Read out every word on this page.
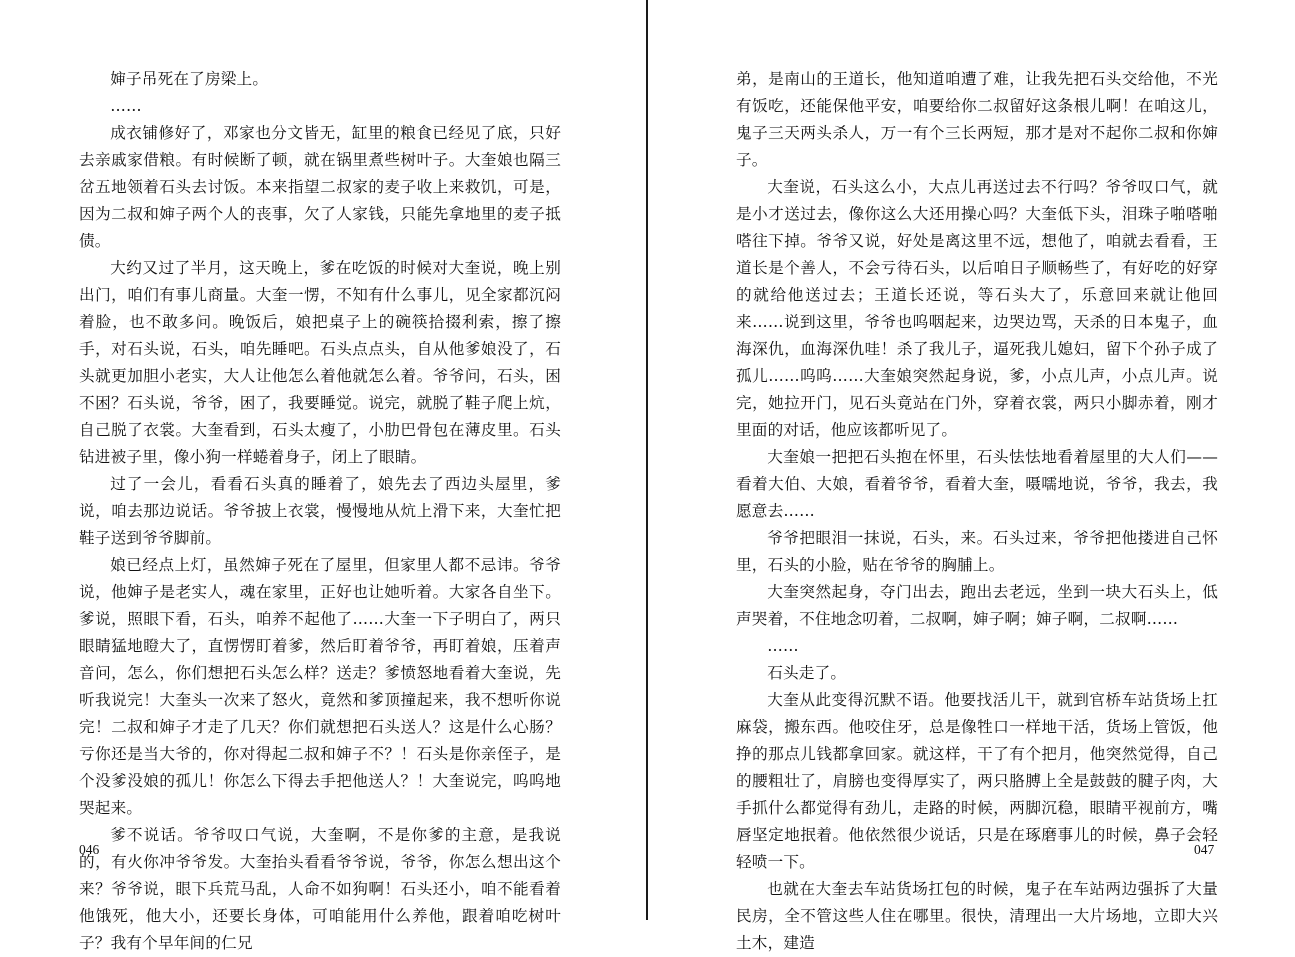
婶子吊死在了房梁上。

……

成衣铺修好了，邓家也分文皆无，缸里的粮食已经见了底，只好去亲戚家借粮。有时候断了顿，就在锅里煮些树叶子。大奎娘也隔三岔五地领着石头去讨饭。本来指望二叔家的麦子收上来救饥，可是，因为二叔和婶子两个人的丧事，欠了人家钱，只能先拿地里的麦子抵债。

大约又过了半月，这天晚上，爹在吃饭的时候对大奎说，晚上别出门，咱们有事儿商量。大奎一愣，不知有什么事儿，见全家都沉闷着脸，也不敢多问。晚饭后，娘把桌子上的碗筷拾掇利索，擦了擦手，对石头说，石头，咱先睡吧。石头点点头，自从他爹娘没了，石头就更加胆小老实，大人让他怎么着他就怎么着。爷爷问，石头，困不困？石头说，爷爷，困了，我要睡觉。说完，就脱了鞋子爬上炕，自己脱了衣裳。大奎看到，石头太瘦了，小肋巴骨包在薄皮里。石头钻进被子里，像小狗一样蜷着身子，闭上了眼睛。

过了一会儿，看看石头真的睡着了，娘先去了西边头屋里，爹说，咱去那边说话。爷爷披上衣裳，慢慢地从炕上滑下来，大奎忙把鞋子送到爷爷脚前。

娘已经点上灯，虽然婶子死在了屋里，但家里人都不忌讳。爷爷说，他婶子是老实人，魂在家里，正好也让她听着。大家各自坐下。爹说，照眼下看，石头，咱养不起他了……大奎一下子明白了，两只眼睛猛地瞪大了，直愣愣盯着爹，然后盯着爷爷，再盯着娘，压着声音问，怎么，你们想把石头怎么样？送走？爹愤怒地看着大奎说，先听我说完！大奎头一次来了怒火，竟然和爹顶撞起来，我不想听你说完！二叔和婶子才走了几天？你们就想把石头送人？这是什么心肠？亏你还是当大爷的，你对得起二叔和婶子不？！石头是你亲侄子，是个没爹没娘的孤儿！你怎么下得去手把他送人？！大奎说完，呜呜地哭起来。

爹不说话。爷爷叹口气说，大奎啊，不是你爹的主意，是我说的，有火你冲爷爷发。大奎抬头看看爷爷说，爷爷，你怎么想出这个来？爷爷说，眼下兵荒马乱，人命不如狗啊！石头还小，咱不能看着他饿死，他大小，还要长身体，可咱能用什么养他，跟着咱吃树叶子？我有个早年间的仁兄

046

弟，是南山的王道长，他知道咱遭了难，让我先把石头交给他，不光有饭吃，还能保他平安，咱要给你二叔留好这条根儿啊！在咱这儿，鬼子三天两头杀人，万一有个三长两短，那才是对不起你二叔和你婶子。

大奎说，石头这么小，大点儿再送过去不行吗？爷爷叹口气，就是小才送过去，像你这么大还用操心吗？大奎低下头，泪珠子啪嗒啪嗒往下掉。爷爷又说，好处是离这里不远，想他了，咱就去看看，王道长是个善人，不会亏待石头，以后咱日子顺畅些了，有好吃的好穿的就给他送过去；王道长还说，等石头大了，乐意回来就让他回来……说到这里，爷爷也呜咽起来，边哭边骂，天杀的日本鬼子，血海深仇，血海深仇哇！杀了我儿子，逼死我儿媳妇，留下个孙子成了孤儿……呜呜……大奎娘突然起身说，爹，小点儿声，小点儿声。说完，她拉开门，见石头竟站在门外，穿着衣裳，两只小脚赤着，刚才里面的对话，他应该都听见了。

大奎娘一把把石头抱在怀里，石头怯怯地看着屋里的大人们——看着大伯、大娘，看着爷爷，看着大奎，嗫嚅地说，爷爷，我去，我愿意去……

爷爷把眼泪一抹说，石头，来。石头过来，爷爷把他搂进自己怀里，石头的小脸，贴在爷爷的胸脯上。

大奎突然起身，夺门出去，跑出去老远，坐到一块大石头上，低声哭着，不住地念叨着，二叔啊，婶子啊；婶子啊，二叔啊……

……

石头走了。

大奎从此变得沉默不语。他要找活儿干，就到官桥车站货场上扛麻袋，搬东西。他咬住牙，总是像牲口一样地干活，货场上管饭，他挣的那点儿钱都拿回家。就这样，干了有个把月，他突然觉得，自己的腰粗壮了，肩膀也变得厚实了，两只胳膊上全是鼓鼓的腱子肉，大手抓什么都觉得有劲儿，走路的时候，两脚沉稳，眼睛平视前方，嘴唇坚定地抿着。他依然很少说话，只是在琢磨事儿的时候，鼻子会轻轻喷一下。

也就在大奎去车站货场扛包的时候，鬼子在车站两边强拆了大量民房，全不管这些人住在哪里。很快，清理出一大片场地，立即大兴土木，建造

047
